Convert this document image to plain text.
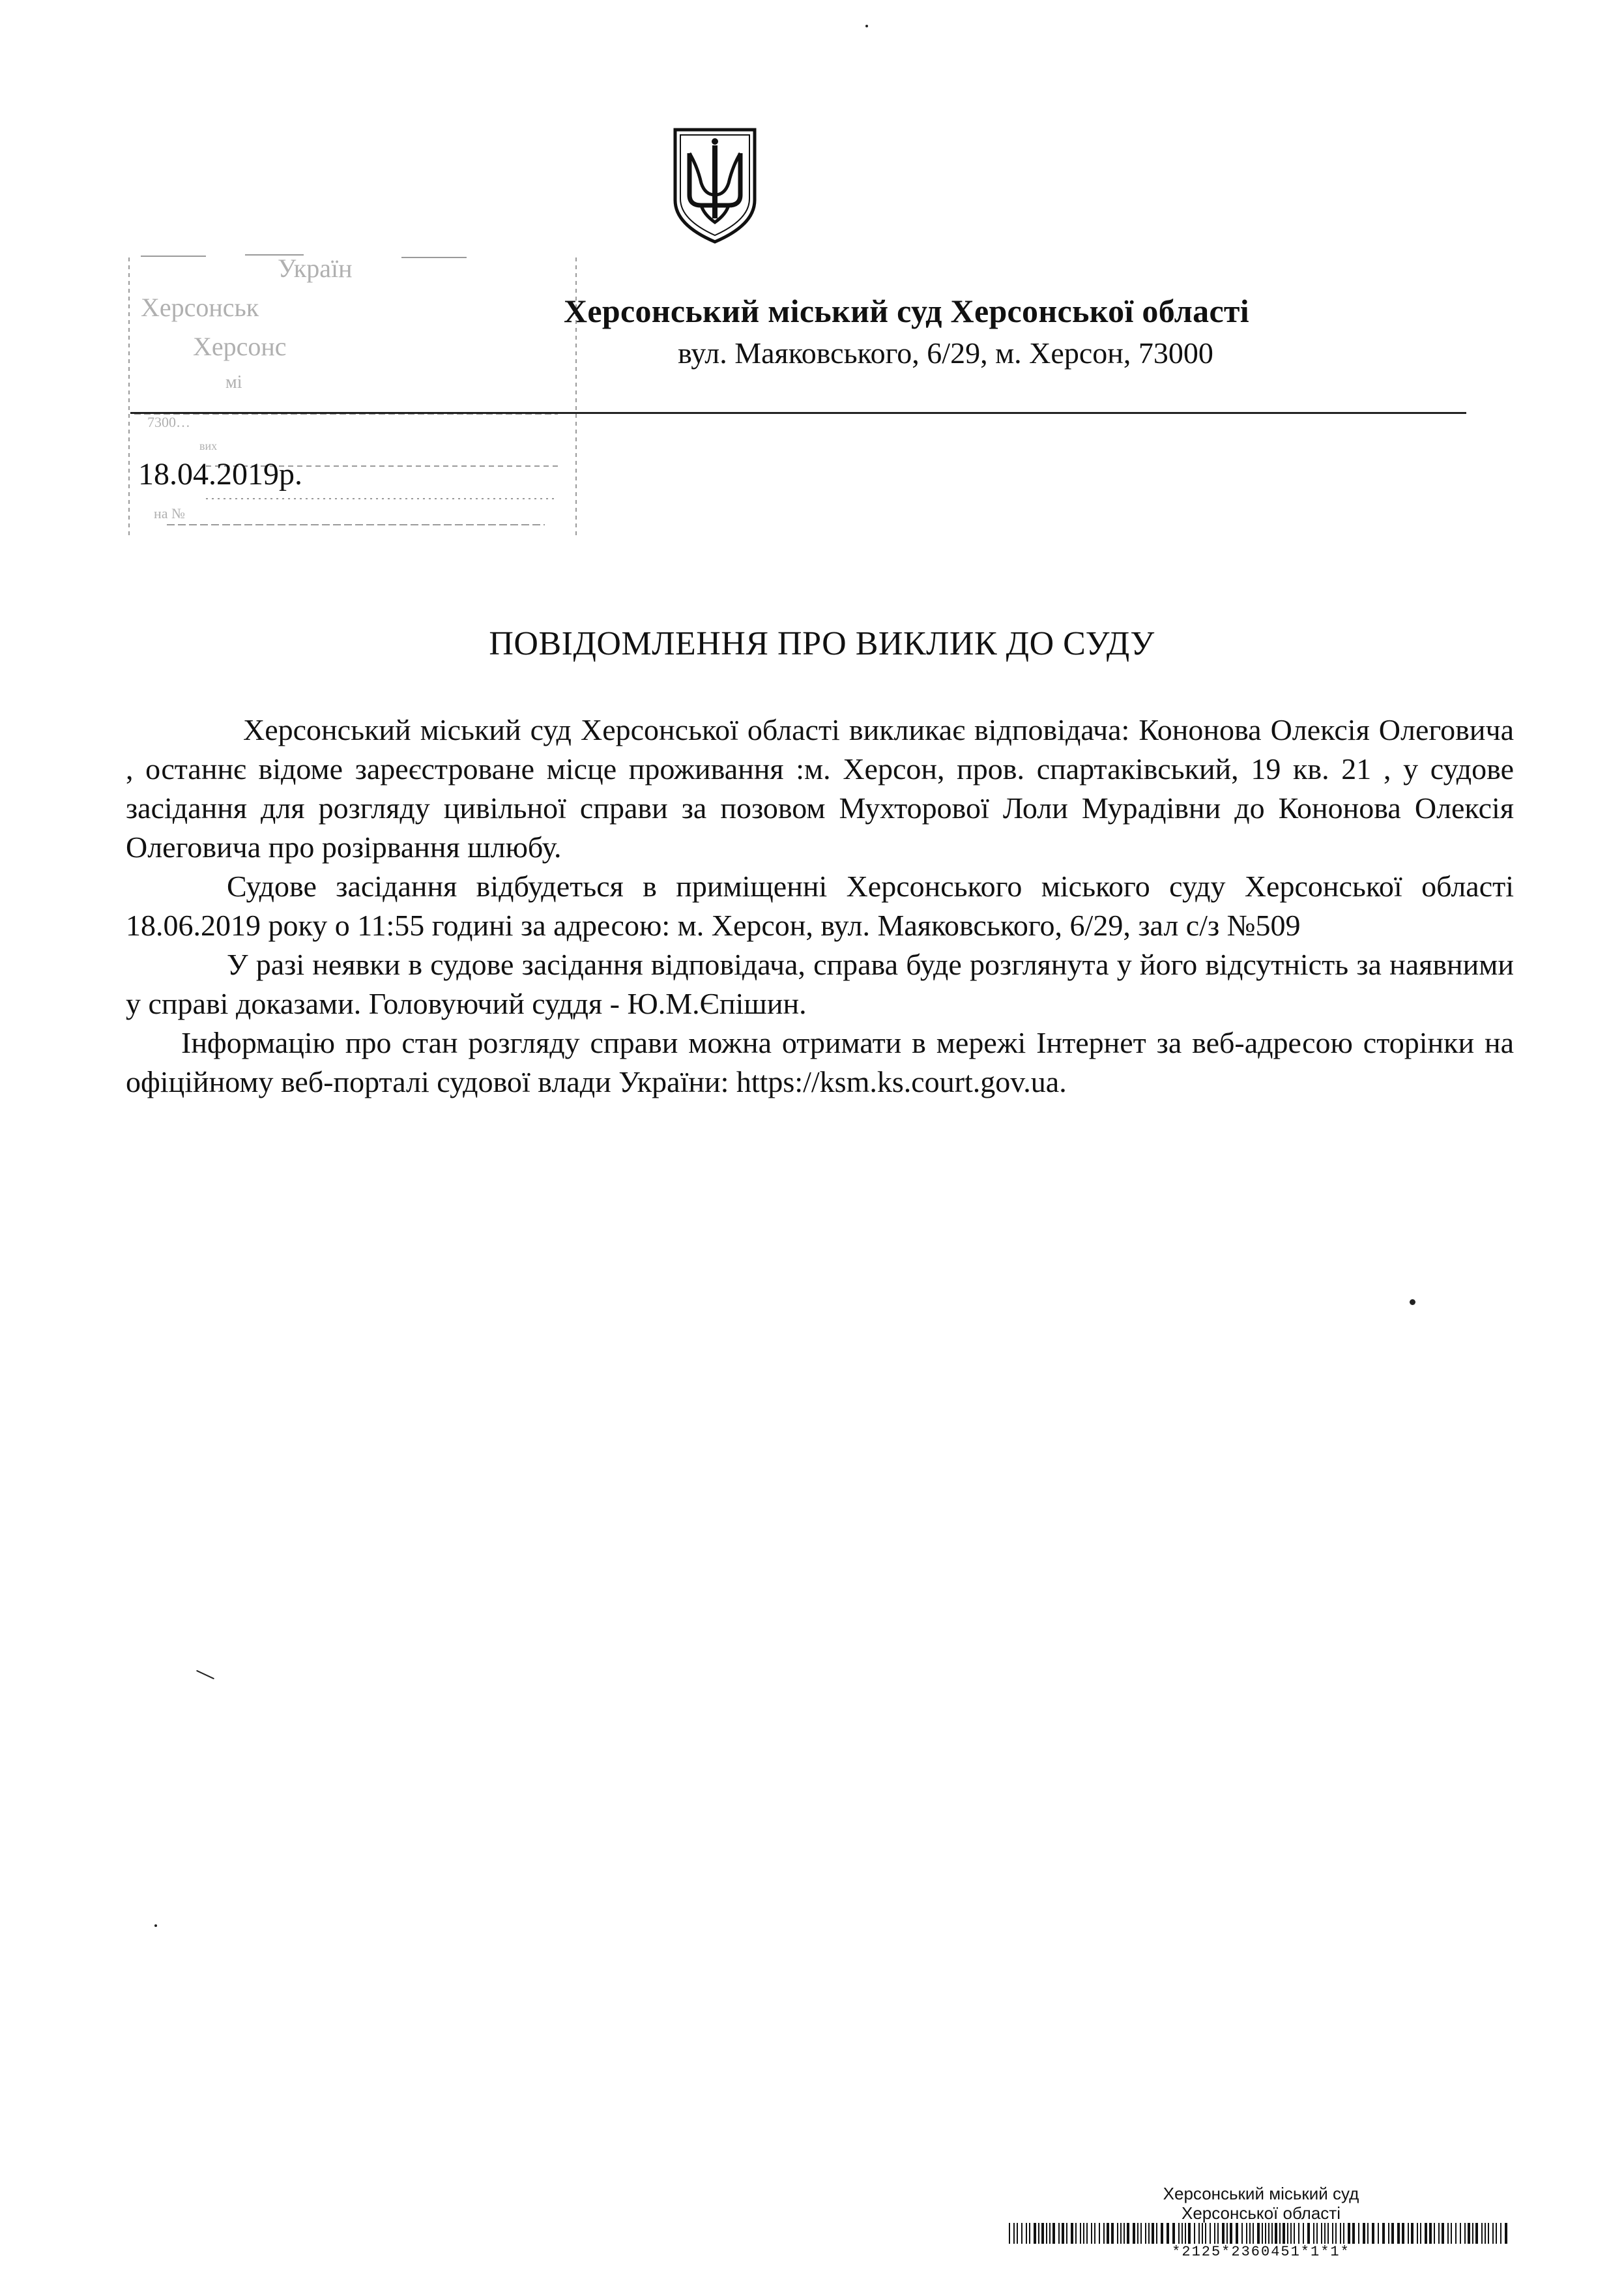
Україн
Херсонськ
Херсонс
мі
7300…
вих
на №
Херсонський міський суд Херсонської області
вул. Маяковського, 6/29, м. Херсон, 73000
18.04.2019р.
ПОВІДОМЛЕННЯ ПРО ВИКЛИК ДО СУДУ

Херсонський міський суд Херсонської області викликає відповідача: Кононова Олексія Олеговича , останнє відоме зареєстроване місце проживання :м. Херсон, пров. спартаківський, 19 кв. 21 , у судове засідання для розгляду цивільної справи за позовом Мухторової Лоли Мурадівни до Кононова Олексія Олеговича про розірвання шлюбу.

Судове засідання відбудеться в приміщенні Херсонського міського суду Херсонської області 18.06.2019 року о 11:55 годині за адресою: м. Херсон, вул. Маяковського, 6/29, зал с/з №509

У разі неявки в судове засідання відповідача, справа буде розглянута у його відсутність за наявними у справі доказами. Головуючий суддя - Ю.М.Єпішин.

Інформацію про стан розгляду справи можна отримати в мережі Інтернет за веб-адресою сторінки на офіційному веб-порталі судової влади України: https://ksm.ks.court.gov.ua.

Херсонський міський суд
Херсонської області
*2125*2360451*1*1*
